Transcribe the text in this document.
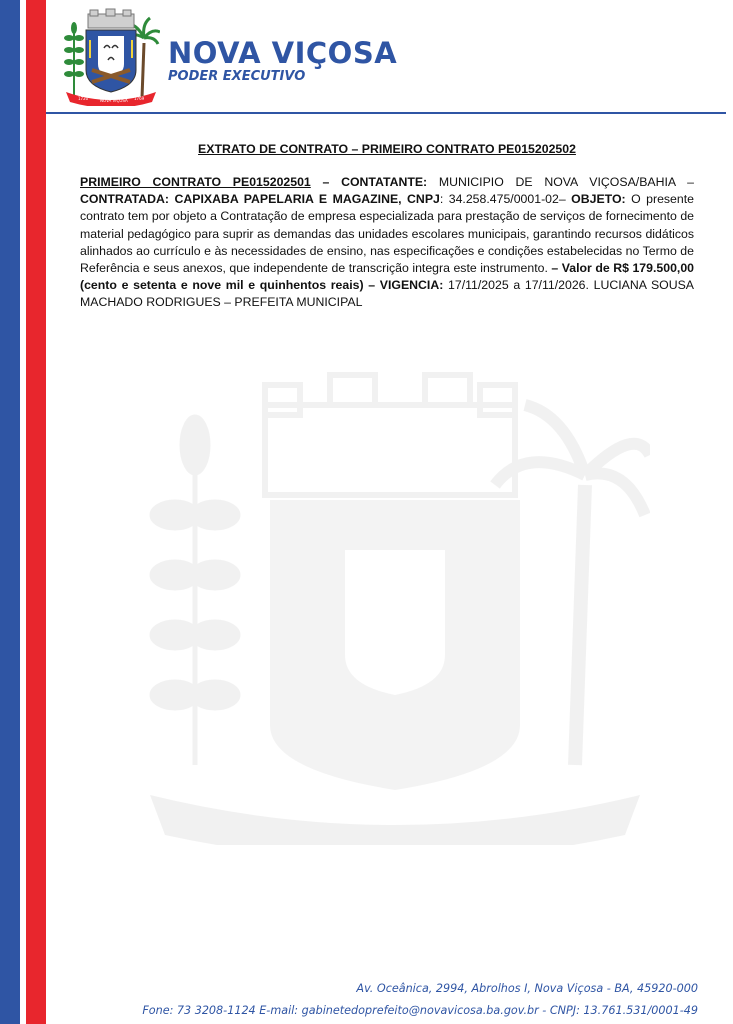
1720	NOVA VIÇOSA 1769
NOVA VIÇOSA
PODER EXECUTIVO

EXTRATO DE CONTRATO – PRIMEIRO CONTRATO PE015202502

PRIMEIRO CONTRATO PE015202501 – CONTATANTE: MUNICIPIO DE NOVA VIÇOSA/BAHIA – CONTRATADA: CAPIXABA PAPELARIA E MAGAZINE, CNPJ: 34.258.475/0001-02– OBJETO: O presente contrato tem por objeto a Contratação de empresa especializada para prestação de serviços de fornecimento de material pedagógico para suprir as demandas das unidades escolares municipais, garantindo recursos didáticos alinhados ao currículo e às necessidades de ensino, nas especificações e condições estabelecidas no Termo de Referência e seus anexos, que independente de transcrição integra este instrumento. – Valor de R$ 179.500,00 (cento e setenta e nove mil e quinhentos reais) – VIGENCIA: 17/11/2025 a 17/11/2026. LUCIANA SOUSA MACHADO RODRIGUES – PREFEITA MUNICIPAL

Av. Oceânica, 2994, Abrolhos I, Nova Viçosa - BA, 45920-000
Fone: 73 3208-1124 E-mail: gabinetedoprefeito@novavicosa.ba.gov.br - CNPJ: 13.761.531/0001-49
